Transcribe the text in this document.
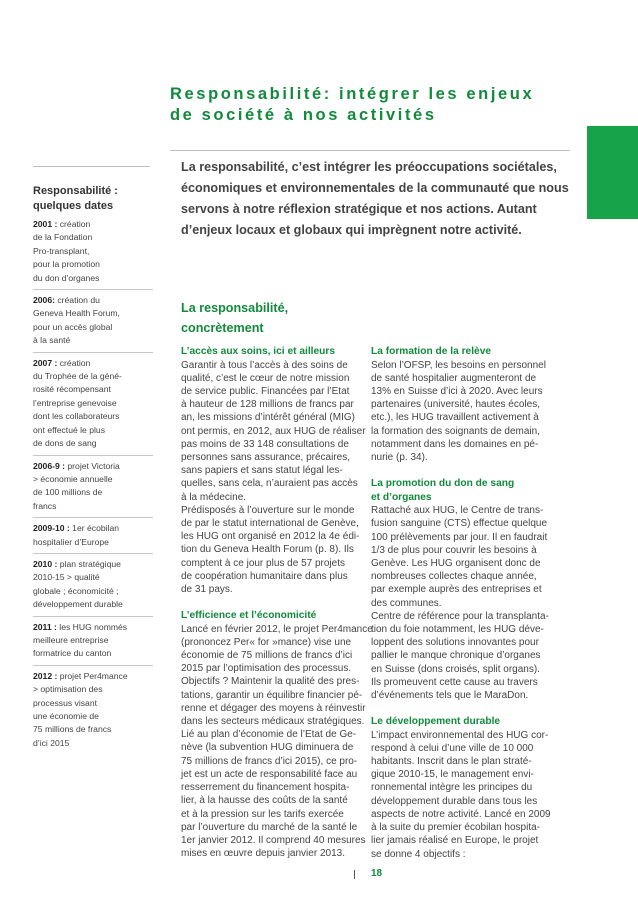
Responsabilité: intégrer les enjeux
de société à nos activités
La responsabilité, c’est intégrer les préoccupations sociétales,
économiques et environnementales de la communauté que nous
servons à notre réflexion stratégique et nos actions. Autant
d’enjeux locaux et globaux qui imprègnent notre activité.
Responsabilité :
quelques dates
2001 : création
de la Fondation
Pro-transplant,
pour la promotion
du don d’organes
2006: création du
Geneva Health Forum,
pour un accès global
à la santé
2007 : création
du Trophée de la géné-
rosité récompensant
l’entreprise genevoise
dont les collaborateurs
ont effectué le plus
de dons de sang
2006-9 : projet Victoria
> économie annuelle
de 100 millions de
francs
2009-10 : 1er écobilan
hospitalier d’Europe
2010 : plan stratégique
2010-15 > qualité
globale ; économicité ;
développement durable
2011 : les HUG nommés
meilleure entreprise
formatrice du canton
2012 : projet Per4mance
> optimisation des
processus visant
une économie de
75 millions de francs
d’ici 2015
La responsabilité,
concrètement
L’accès aux soins, ici et ailleurs
Garantir à tous l’accès à des soins de
qualité, c’est le cœur de notre mission
de service public. Financées par l’Etat
à hauteur de 128 millions de francs par
an, les missions d’intérêt général (MIG)
ont permis, en 2012, aux HUG de réaliser
pas moins de 33 148 consultations de
personnes sans assurance, précaires,
sans papiers et sans statut légal les-
quelles, sans cela, n’auraient pas accès
à la médecine.
Prédisposés à l’ouverture sur le monde
de par le statut international de Genève,
les HUG ont organisé en 2012 la 4e édi-
tion du Geneva Health Forum (p. 8). Ils
comptent à ce jour plus de 57 projets
de coopération humanitaire dans plus
de 31 pays.
L’efficience et l’économicité
Lancé en février 2012, le projet Per4mance
(prononcez Per« for »mance) vise une
économie de 75 millions de francs d’ici
2015 par l’optimisation des processus.
Objectifs ? Maintenir la qualité des pres-
tations, garantir un équilibre financier pé-
renne et dégager des moyens à réinvestir
dans les secteurs médicaux stratégiques.
Lié au plan d’économie de l’Etat de Ge-
nève (la subvention HUG diminuera de
75 millions de francs d’ici 2015), ce pro-
jet est un acte de responsabilité face au
resserrement du financement hospita-
lier, à la hausse des coûts de la santé
et à la pression sur les tarifs exercée
par l’ouverture du marché de la santé le
1er janvier 2012. Il comprend 40 mesures
mises en œuvre depuis janvier 2013.
La formation de la relève
Selon l’OFSP, les besoins en personnel
de santé hospitalier augmenteront de
13% en Suisse d’ici à 2020. Avec leurs
partenaires (université, hautes écoles,
etc.), les HUG travaillent activement à
la formation des soignants de demain,
notamment dans les domaines en pé-
nurie (p. 34).
La promotion du don de sang
et d’organes
Rattaché aux HUG, le Centre de trans-
fusion sanguine (CTS) effectue quelque
100 prélèvements par jour. Il en faudrait
1/3 de plus pour couvrir les besoins à
Genève. Les HUG organisent donc de
nombreuses collectes chaque année,
par exemple auprès des entreprises et
des communes.
Centre de référence pour la transplanta-
tion du foie notamment, les HUG déve-
loppent des solutions innovantes pour
pallier le manque chronique d’organes
en Suisse (dons croisés, split organs).
Ils promeuvent cette cause au travers
d’événements tels que le MaraDon.
Le développement durable
L’impact environnemental des HUG cor-
respond à celui d’une ville de 10 000
habitants. Inscrit dans le plan straté-
gique 2010-15, le management envi-
ronnemental intègre les principes du
développement durable dans tous les
aspects de notre activité. Lancé en 2009
à la suite du premier écobilan hospita-
lier jamais réalisé en Europe, le projet
se donne 4 objectifs :
18
